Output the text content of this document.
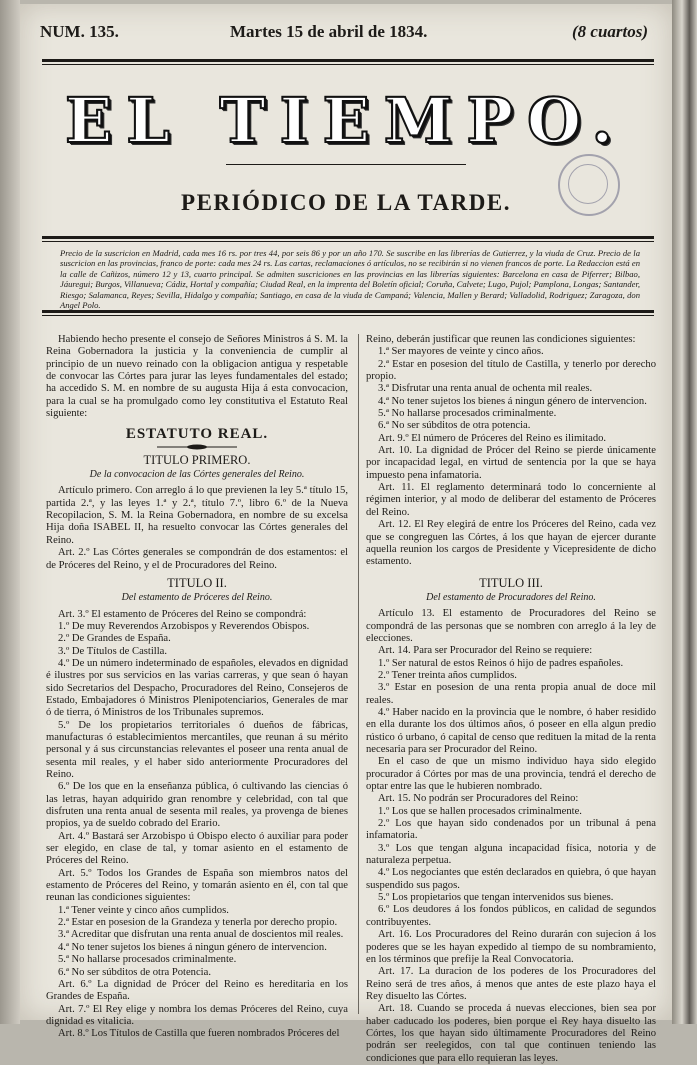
NUM. 135.	Martes 15 de abril de 1834.	(8 cuartos)
EL TIEMPO.
PERIÓDICO DE LA TARDE.
Precio de la suscricion en Madrid, cada mes 16 rs. por tres 44, por seis 86 y por un año 170. Se suscribe en las librerías de Gutierrez, y la viuda de Cruz. Precio de la suscricion en las provincias, franco de porte: cada mes 24 rs. Las cartas, reclamaciones ó artículos, no se recibirán si no vienen francos de porte. La Redaccion está en la calle de Cañizos, número 12 y 13, cuarto principal. Se admiten suscriciones en las provincias en las librerías siguientes: Barcelona en casa de Piferrer; Bilbao, Jáuregui; Burgos, Villanueva; Cádiz, Hortal y compañía; Ciudad Real, en la imprenta del Boletín oficial; Coruña, Calvete; Lugo, Pujol; Pamplona, Longas; Santander, Riesgo; Salamanca, Reyes; Sevilla, Hidalgo y compañía; Santiago, en casa de la viuda de Campaná; Valencia, Mallen y Berard; Valladolid, Rodriguez; Zaragoza, don Angel Polo.

Habiendo hecho presente el consejo de Señores Ministros á S. M. la Reina Gobernadora la justicia y la conveniencia de cumplir al principio de un nuevo reinado con la obligacion antigua y respetable de convocar las Córtes para jurar las leyes fundamentales del estado; ha accedido S. M. en nombre de su augusta Hija á esta convocacion, para la cual se ha promulgado como ley constitutiva el Estatuto Real siguiente:

ESTATUTO REAL.

TITULO PRIMERO.

De la convocacion de las Córtes generales del Reino.

Artículo primero. Con arreglo á lo que previenen la ley 5.ª título 15, partida 2.ª, y las leyes 1.ª y 2.ª, título 7.º, libro 6.º de la Nueva Recopilacion, S. M. la Reina Gobernadora, en nombre de su excelsa Hija doña ISABEL II, ha resuelto convocar las Córtes generales del Reino.

Art. 2.º Las Córtes generales se compondrán de dos estamentos: el de Próceres del Reino, y el de Procuradores del Reino.

TITULO II.

Del estamento de Próceres del Reino.

Art. 3.º El estamento de Próceres del Reino se compondrá:

1.º De muy Reverendos Arzobispos y Reverendos Obispos.

2.º De Grandes de España.

3.º De Títulos de Castilla.

4.º De un número indeterminado de españoles, elevados en dignidad é ilustres por sus servicios en las varias carreras, y que sean ó hayan sido Secretarios del Despacho, Procuradores del Reino, Consejeros de Estado, Embajadores ó Ministros Plenipotenciarios, Generales de mar ó de tierra, ó Ministros de los Tribunales supremos.

5.º De los propietarios territoriales ó dueños de fábricas, manufacturas ó establecimientos mercantiles, que reunan á su mérito personal y á sus circunstancias relevantes el poseer una renta anual de sesenta mil reales, y el haber sido anteriormente Procuradores del Reino.

6.º De los que en la enseñanza pública, ó cultivando las ciencias ó las letras, hayan adquirido gran renombre y celebridad, con tal que disfruten una renta anual de sesenta mil reales, ya provenga de bienes propios, ya de sueldo cobrado del Erario.

Art. 4.º Bastará ser Arzobispo ú Obispo electo ó auxiliar para poder ser elegido, en clase de tal, y tomar asiento en el estamento de Próceres del Reino.

Art. 5.º Todos los Grandes de España son miembros natos del estamento de Próceres del Reino, y tomarán asiento en él, con tal que reunan las condiciones siguientes:

1.ª Tener veinte y cinco años cumplidos.

2.ª Estar en posesion de la Grandeza y tenerla por derecho propio.

3.ª Acreditar que disfrutan una renta anual de doscientos mil reales.

4.ª No tener sujetos los bienes á ningun género de intervencion.

5.ª No hallarse procesados criminalmente.

6.ª No ser súbditos de otra Potencia.

Art. 6.º La dignidad de Prócer del Reino es hereditaria en los Grandes de España.

Art. 7.º El Rey elige y nombra los demas Próceres del Reino, cuya dignidad es vitalicia.

Art. 8.º Los Títulos de Castilla que fueren nombrados Próceres del

Reino, deberán justificar que reunen las condiciones siguientes:

1.ª Ser mayores de veinte y cinco años.

2.ª Estar en posesion del título de Castilla, y tenerlo por derecho propio.

3.ª Disfrutar una renta anual de ochenta mil reales.

4.ª No tener sujetos los bienes á ningun género de intervencion.

5.ª No hallarse procesados criminalmente.

6.ª No ser súbditos de otra potencia.

Art. 9.º El número de Próceres del Reino es ilimitado.

Art. 10. La dignidad de Prócer del Reino se pierde únicamente por incapacidad legal, en virtud de sentencia por la que se haya impuesto pena infamatoria.

Art. 11. El reglamento determinará todo lo concerniente al régimen interior, y al modo de deliberar del estamento de Próceres del Reino.

Art. 12. El Rey elegirá de entre los Próceres del Reino, cada vez que se congreguen las Córtes, á los que hayan de ejercer durante aquella reunion los cargos de Presidente y Vicepresidente de dicho estamento.

TITULO III.

Del estamento de Procuradores del Reino.

Artículo 13. El estamento de Procuradores del Reino se compondrá de las personas que se nombren con arreglo á la ley de elecciones.

Art. 14. Para ser Procurador del Reino se requiere:

1.º Ser natural de estos Reinos ó hijo de padres españoles.

2.º Tener treinta años cumplidos.

3.º Estar en posesion de una renta propia anual de doce mil reales.

4.º Haber nacido en la provincia que le nombre, ó haber residido en ella durante los dos últimos años, ó poseer en ella algun predio rústico ó urbano, ó capital de censo que redituen la mitad de la renta necesaria para ser Procurador del Reino.

En el caso de que un mismo individuo haya sido elegido procurador á Córtes por mas de una provincia, tendrá el derecho de optar entre las que le hubieren nombrado.

Art. 15. No podrán ser Procuradores del Reino:

1.º Los que se hallen procesados criminalmente.

2.º Los que hayan sido condenados por un tribunal á pena infamatoria.

3.º Los que tengan alguna incapacidad física, notoria y de naturaleza perpetua.

4.º Los negociantes que estén declarados en quiebra, ó que hayan suspendido sus pagos.

5.º Los propietarios que tengan intervenidos sus bienes.

6.º Los deudores á los fondos públicos, en calidad de segundos contribuyentes.

Art. 16. Los Procuradores del Reino durarán con sujecion á los poderes que se les hayan expedido al tiempo de su nombramiento, en los términos que prefije la Real Convocatoria.

Art. 17. La duracion de los poderes de los Procuradores del Reino será de tres años, á menos que antes de este plazo haya el Rey disuelto las Córtes.

Art. 18. Cuando se proceda á nuevas elecciones, bien sea por haber caducado los poderes, bien porque el Rey haya disuelto las Córtes, los que hayan sido últimamente Procuradores del Reino podrán ser reelegidos, con tal que continuen teniendo las condiciones que para ello requieran las leyes.
